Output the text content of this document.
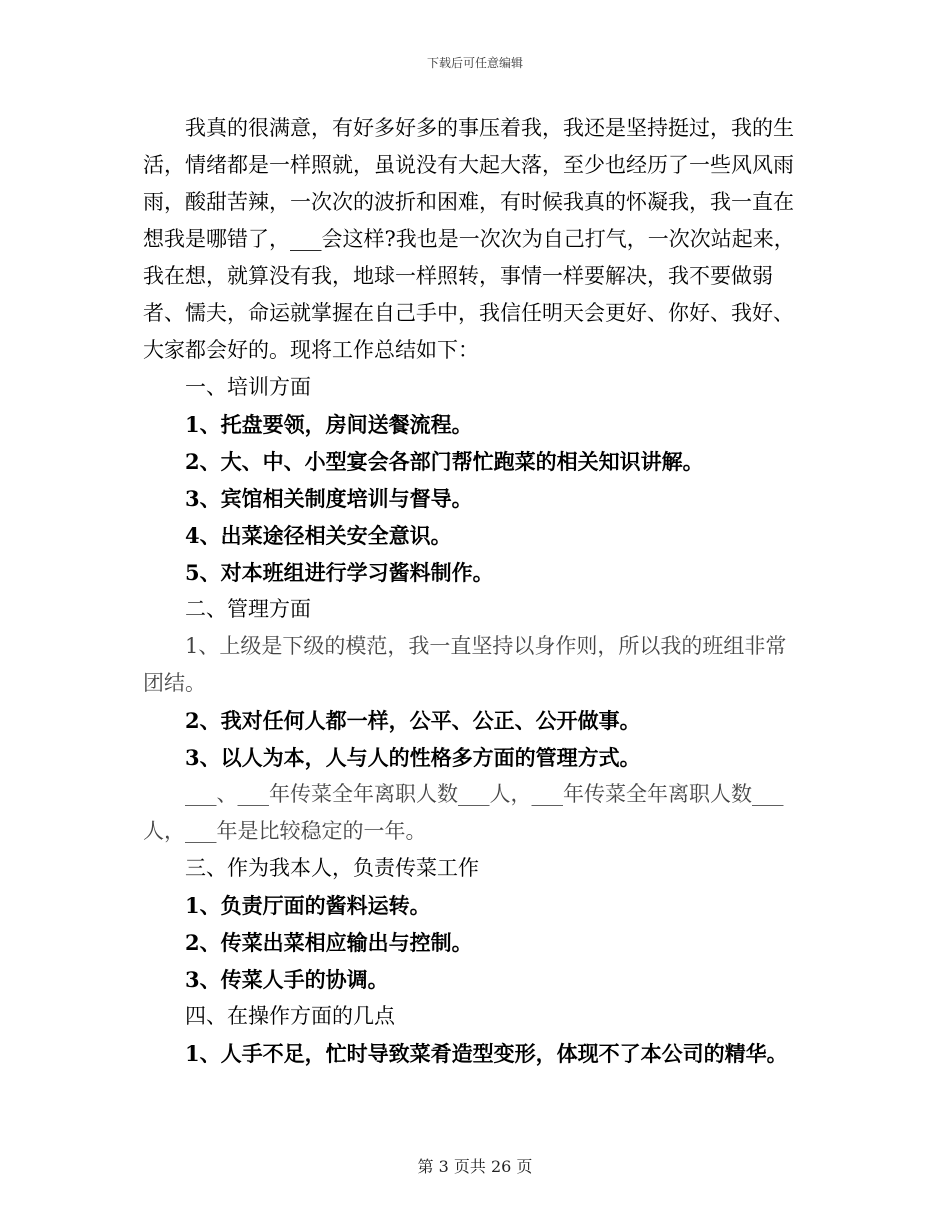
下载后可任意编辑

我真的很满意，有好多好多的事压着我，我还是坚持挺过，我的生活，情绪都是一样照就，虽说没有大起大落，至少也经历了一些风风雨雨，酸甜苦辣，一次次的波折和困难，有时候我真的怀凝我，我一直在想我是哪错了，___会这样?我也是一次次为自己打气，一次次站起来，我在想，就算没有我，地球一样照转，事情一样要解决，我不要做弱者、懦夫，命运就掌握在自己手中，我信任明天会更好、你好、我好、大家都会好的。现将工作总结如下：

一、培训方面

1、托盘要领，房间送餐流程。

2、大、中、小型宴会各部门帮忙跑菜的相关知识讲解。

3、宾馆相关制度培训与督导。

4、出菜途径相关安全意识。

5、对本班组进行学习酱料制作。

二、管理方面

1、上级是下级的模范，我一直坚持以身作则，所以我的班组非常团结。

2、我对任何人都一样，公平、公正、公开做事。

3、以人为本，人与人的性格多方面的管理方式。

___、___年传菜全年离职人数___人，___年传菜全年离职人数___人，___年是比较稳定的一年。

三、作为我本人，负责传菜工作

1、负责厅面的酱料运转。

2、传菜出菜相应输出与控制。

3、传菜人手的协调。

四、在操作方面的几点

1、人手不足，忙时导致菜肴造型变形，体现不了本公司的精华。

第 3 页共 26 页
